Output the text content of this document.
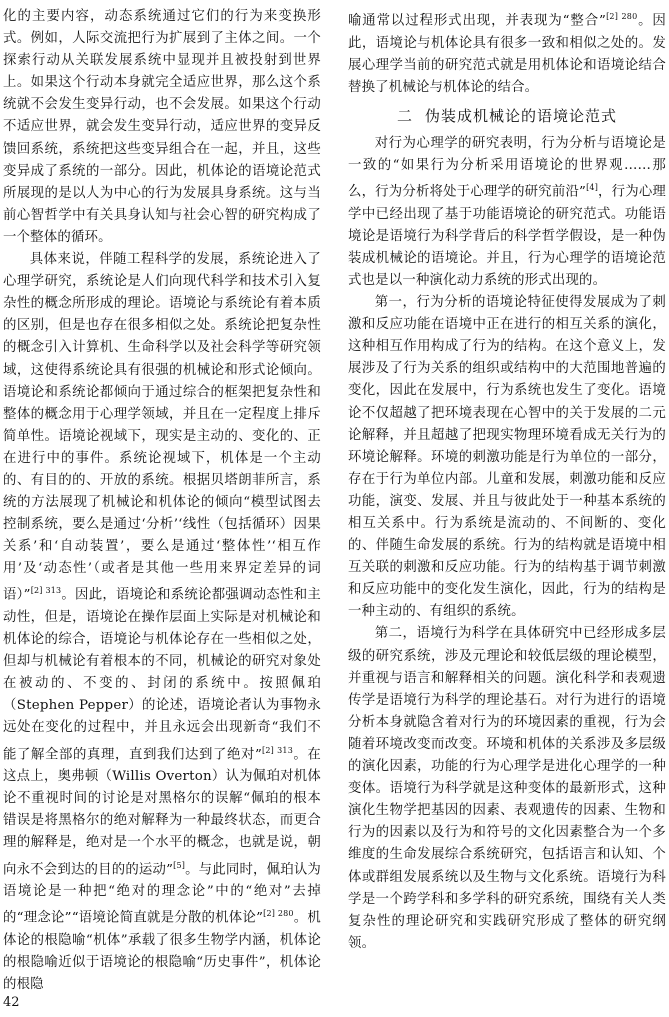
化的主要内容，动态系统通过它们的行为来变换形式。例如，人际交流把行为扩展到了主体之间。一个探索行动从关联发展系统中显现并且被投射到世界上。如果这个行动本身就完全适应世界，那么这个系统就不会发生变异行动，也不会发展。如果这个行动不适应世界，就会发生变异行动，适应世界的变异反馈回系统，系统把这些变异组合在一起，并且，这些变异成了系统的一部分。因此，机体论的语境论范式所展现的是以人为中心的行为发展具身系统。这与当前心智哲学中有关具身认知与社会心智的研究构成了一个整体的循环。

具体来说，伴随工程科学的发展，系统论进入了心理学研究，系统论是人们向现代科学和技术引入复杂性的概念所形成的理论。语境论与系统论有着本质的区别，但是也存在很多相似之处。系统论把复杂性的概念引入计算机、生命科学以及社会科学等研究领域，这使得系统论具有很强的机械论和形式论倾向。语境论和系统论都倾向于通过综合的框架把复杂性和整体的概念用于心理学领域，并且在一定程度上排斥简单性。语境论视域下，现实是主动的、变化的、正在进行中的事件。系统论视域下，机体是一个主动的、有目的的、开放的系统。根据贝塔朗菲所言，系统的方法展现了机械论和机体论的倾向“模型试图去控制系统，要么是通过‘分析’‘线性（包括循环）因果关系’和‘自动装置’，要么是通过‘整体性’‘相互作用’及‘动态性’（或者是其他一些用来界定差异的词语）”$^{[2] 313}$。因此，语境论和系统论都强调动态性和主动性，但是，语境论在操作层面上实际是对机械论和机体论的综合，语境论与机体论存在一些相似之处，但却与机械论有着根本的不同，机械论的研究对象处在被动的、不变的、封闭的系统中。按照佩珀（Stephen Pepper）的论述，语境论者认为事物永远处在变化的过程中，并且永远会出现新奇“我们不能了解全部的真理，直到我们达到了绝对”$^{[2] 313}$。在这点上，奥弗顿（Willis Overton）认为佩珀对机体论不重视时间的讨论是对黑格尔的误解“佩珀的根本错误是将黑格尔的绝对解释为一种最终状态，而更合理的解释是，绝对是一个水平的概念，也就是说，朝向永不会到达的目的的运动”[5]。与此同时，佩珀认为语境论是一种把“绝对的理念论”中的“绝对”去掉的“理念论”“语境论简直就是分散的机体论”$^{[2] 280}$。机体论的根隐喻“机体”承载了很多生物学内涵，机体论的根隐喻近似于语境论的根隐喻“历史事件”，机体论的根隐

喻通常以过程形式出现，并表现为“整合”$^{[2] 280}$。因此，语境论与机体论具有很多一致和相似之处的。发展心理学当前的研究范式就是用机体论和语境论结合替换了机械论与机体论的结合。

二 伪装成机械论的语境论范式

对行为心理学的研究表明，行为分析与语境论是一致的“如果行为分析采用语境论的世界观……那么，行为分析将处于心理学的研究前沿”[4]，行为心理学中已经出现了基于功能语境论的研究范式。功能语境论是语境行为科学背后的科学哲学假设，是一种伪装成机械论的语境论。并且，行为心理学的语境论范式也是以一种演化动力系统的形式出现的。

第一，行为分析的语境论特征使得发展成为了刺激和反应功能在语境中正在进行的相互关系的演化，这种相互作用构成了行为的结构。在这个意义上，发展涉及了行为关系的组织或结构中的大范围地普遍的变化，因此在发展中，行为系统也发生了变化。语境论不仅超越了把环境表现在心智中的关于发展的二元论解释，并且超越了把现实物理环境看成无关行为的环境论解释。环境的刺激功能是行为单位的一部分，存在于行为单位内部。儿童和发展，刺激功能和反应功能，演变、发展、并且与彼此处于一种基本系统的相互关系中。行为系统是流动的、不间断的、变化的、伴随生命发展的系统。行为的结构就是语境中相互关联的刺激和反应功能。行为的结构基于调节刺激和反应功能中的变化发生演化，因此，行为的结构是一种主动的、有组织的系统。

第二，语境行为科学在具体研究中已经形成多层级的研究系统，涉及元理论和较低层级的理论模型，并重视与语言和解释相关的问题。演化科学和表观遗传学是语境行为科学的理论基石。对行为进行的语境分析本身就隐含着对行为的环境因素的重视，行为会随着环境改变而改变。环境和机体的关系涉及多层级的演化因素，功能的行为心理学是进化心理学的一种变体。语境行为科学就是这种变体的最新形式，这种演化生物学把基因的因素、表观遗传的因素、生物和行为的因素以及行为和符号的文化因素整合为一个多维度的生命发展综合系统研究，包括语言和认知、个体或群组发展系统以及生物与文化系统。语境行为科学是一个跨学科和多学科的研究系统，围绕有关人类复杂性的理论研究和实践研究形成了整体的研究纲领。

42
